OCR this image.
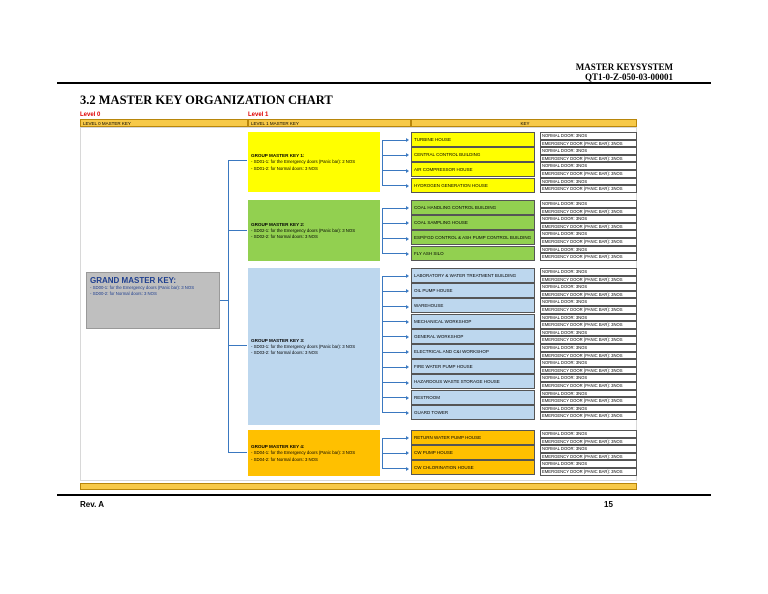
MASTER KEYSYSTEM
QT1-0-Z-050-03-00001
3.2 MASTER KEY ORGANIZATION CHART
Level 0	Level 1
LEVEL 0 MASTER KEY	LEVEL 1 MASTER KEY	KEY
GRAND MASTER KEY:
- SD00-1: for the Emergency doors (Panic bar): 3 NOS
- SD00-2: for Normal doors: 3 NOS
GROUP MASTER KEY 1:
- SD01-1: for the Emergency doors (Panic bar): 2 NOS
- SD01-2: for Normal doors: 3 NOS
GROUP MASTER KEY 2:
- SD02-1: for the Emergency doors (Panic bar): 3 NOS
- SD02-2: for Normal doors: 3 NOS
GROUP MASTER KEY 3:
- SD03-1: for the Emergency doors (Panic bar): 3 NOS
- SD03-2: for Normal doors: 3 NOS
GROUP MASTER KEY 4:
- SD04-1: for the Emergency doors (Panic bar): 3 NOS
- SD04-2: for Normal doors: 3 NOS
TURBINE HOUSE
NORMAL DOOR: 3NOS
EMERGENCY DOOR (PANIC BAR): 3NOS
CENTRAL CONTROL BUILDING
NORMAL DOOR: 3NOS
EMERGENCY DOOR (PANIC BAR): 3NOS
AIR COMPRESSOR HOUSE
NORMAL DOOR: 3NOS
EMERGENCY DOOR (PANIC BAR): 3NOS
HYDROGEN GENERATION HOUSE
NORMAL DOOR: 3NOS
EMERGENCY DOOR (PANIC BAR): 3NOS
COAL HANDLING CONTROL BUILDING
NORMAL DOOR: 3NOS
EMERGENCY DOOR (PANIC BAR): 3NOS
COAL SAMPLING HOUSE
NORMAL DOOR: 3NOS
EMERGENCY DOOR (PANIC BAR): 3NOS
ESP/FGD CONTROL & ASH PUMP CONTROL BUILDING
NORMAL DOOR: 3NOS
EMERGENCY DOOR (PANIC BAR): 3NOS
FLY ASH SILO
NORMAL DOOR: 3NOS
EMERGENCY DOOR (PANIC BAR): 3NOS
LABORATORY & WATER TREATMENT BUILDING
NORMAL DOOR: 3NOS
EMERGENCY DOOR (PANIC BAR): 3NOS
OIL PUMP HOUSE
NORMAL DOOR: 3NOS
EMERGENCY DOOR (PANIC BAR): 3NOS
WAREHOUSE
NORMAL DOOR: 3NOS
EMERGENCY DOOR (PANIC BAR): 3NOS
MECHANICAL WORKSHOP
NORMAL DOOR: 3NOS
EMERGENCY DOOR (PANIC BAR): 3NOS
GENERAL WORKSHOP
NORMAL DOOR: 3NOS
EMERGENCY DOOR (PANIC BAR): 3NOS
ELECTRICAL AND C&I WORKSHOP
NORMAL DOOR: 3NOS
EMERGENCY DOOR (PANIC BAR): 3NOS
FIRE WATER PUMP HOUSE
NORMAL DOOR: 3NOS
EMERGENCY DOOR (PANIC BAR): 3NOS
HAZARDOUS WASTE STORAGE HOUSE
NORMAL DOOR: 3NOS
EMERGENCY DOOR (PANIC BAR): 3NOS
RESTROOM
NORMAL DOOR: 3NOS
EMERGENCY DOOR (PANIC BAR): 3NOS
GUARD TOWER
NORMAL DOOR: 3NOS
EMERGENCY DOOR (PANIC BAR): 3NOS
RETURN WATER PUMP HOUSE
NORMAL DOOR: 3NOS
EMERGENCY DOOR (PANIC BAR): 3NOS
CW PUMP HOUSE
NORMAL DOOR: 3NOS
EMERGENCY DOOR (PANIC BAR): 3NOS
CW CHLORINATION HOUSE
NORMAL DOOR: 3NOS
EMERGENCY DOOR (PANIC BAR): 3NOS
Rev. A	15
